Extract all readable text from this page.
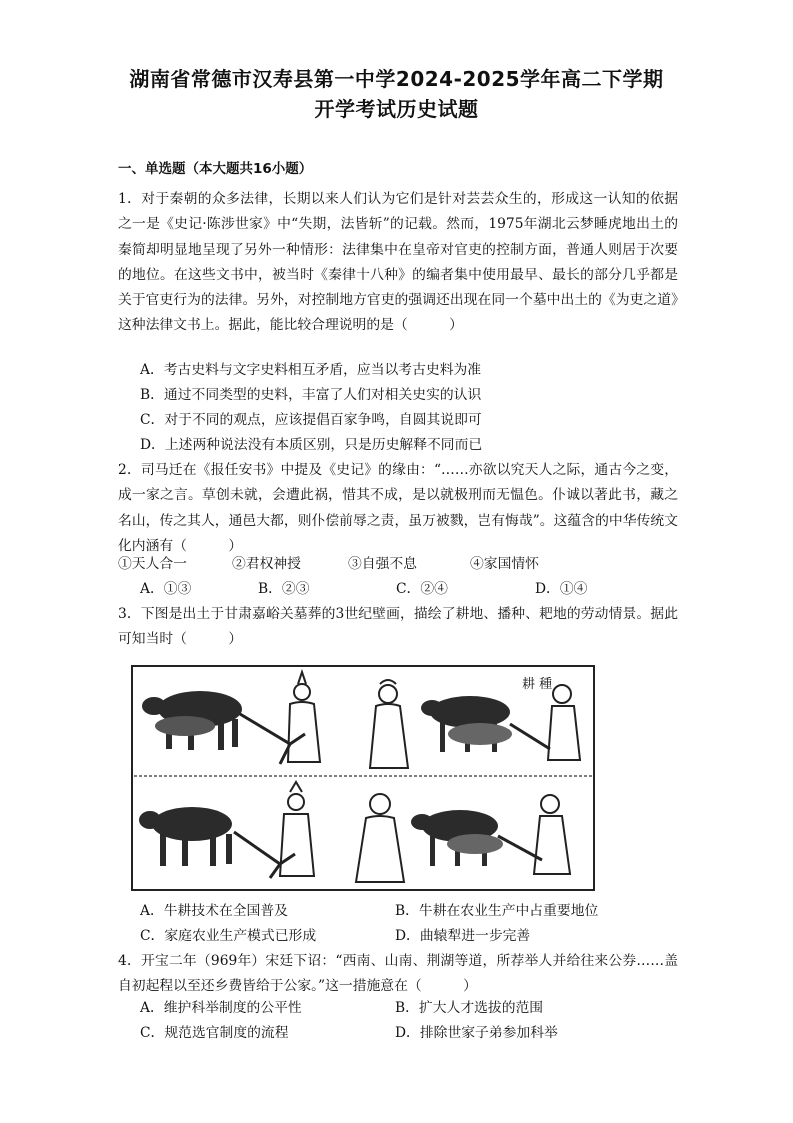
湖南省常德市汉寿县第一中学2024-2025学年高二下学期
开学考试历史试题
一、单选题（本大题共16小题）

1．对于秦朝的众多法律，长期以来人们认为它们是针对芸芸众生的，形成这一认知的依据之一是《史记·陈涉世家》中“失期，法皆斩”的记载。然而，1975年湖北云梦睡虎地出土的秦简却明显地呈现了另外一种情形：法律集中在皇帝对官吏的控制方面，普通人则居于次要的地位。在这些文书中，被当时《秦律十八种》的编者集中使用最早、最长的部分几乎都是关于官吏行为的法律。另外，对控制地方官吏的强调还出现在同一个墓中出土的《为吏之道》这种法律文书上。据此，能比较合理说明的是（　　　）

A．考古史料与文字史料相互矛盾，应当以考古史料为准
B．通过不同类型的史料，丰富了人们对相关史实的认识
C．对于不同的观点，应该提倡百家争鸣，自圆其说即可
D．上述两种说法没有本质区别，只是历史解释不同而已

2．司马迁在《报任安书》中提及《史记》的缘由：“……亦欲以究天人之际，通古今之变，成一家之言。草创未就，会遭此祸，惜其不成，是以就极刑而无愠色。仆诚以著此书，藏之名山，传之其人，通邑大都，则仆偿前辱之责，虽万被戮，岂有悔哉”。这蕴含的中华传统文化内涵有（　　　）

①天人合一	②君权神授	③自强不息	④家国情怀
A．①③	B．②③	C．②④	D．①④

3．下图是出土于甘肃嘉峪关墓葬的3世纪壁画，描绘了耕地、播种、耙地的劳动情景。据此可知当时（　　　）

耕 種
A．牛耕技术在全国普及	B．牛耕在农业生产中占重要地位
C．家庭农业生产模式已形成	D．曲辕犁进一步完善

4．开宝二年（969年）宋廷下诏：“西南、山南、荆湖等道，所荐举人并给往来公券……盖自初起程以至还乡费皆给于公家。”这一措施意在（　　　）

A．维护科举制度的公平性	B．扩大人才选拔的范围
C．规范选官制度的流程	D．排除世家子弟参加科举
